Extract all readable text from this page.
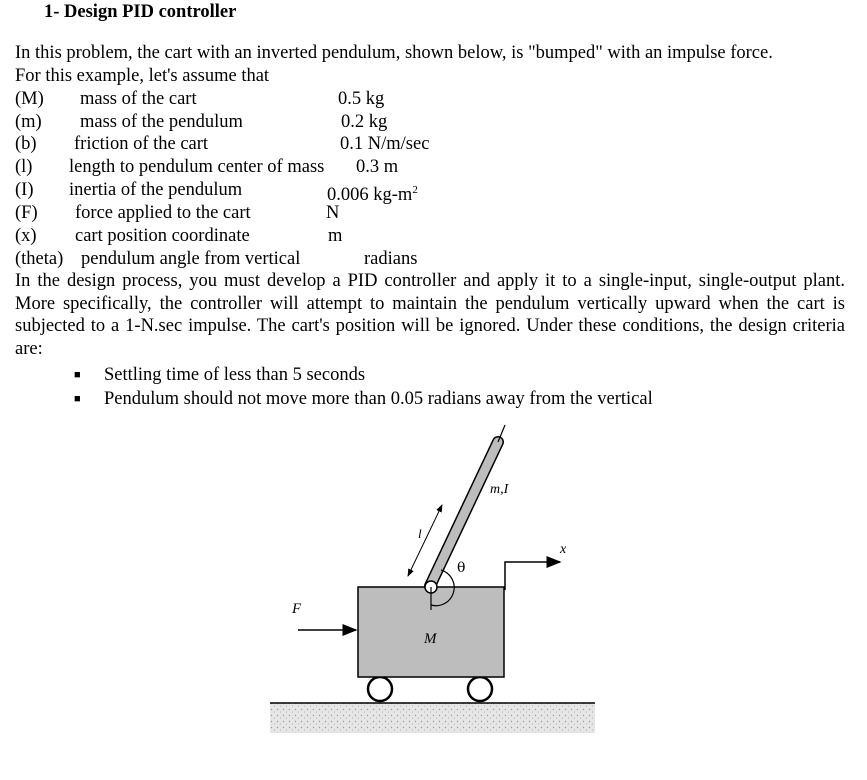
1- Design PID controller
In this problem, the cart with an inverted pendulum, shown below, is "bumped" with an impulse force.
For this example, let's assume that
(M) mass of the cart	0.5 kg
(m) mass of the pendulum	0.2 kg
(b) friction of the cart	0.1 N/m/sec
(l) length to pendulum center of mass 0.3 m
(I) inertia of the pendulum	0.006 $kg-m^2$
(F) force applied to the cart	N
(x) cart position coordinate	m
(theta) pendulum angle from vertical	radians
In the design process, you must develop a PID controller and apply it to a single-input, single-output plant. More specifically, the controller will attempt to maintain the pendulum vertically upward when the cart is subjected to a 1-N.sec impulse. The cart's position will be ignored. Under these conditions, the design criteria are:
■ Settling time of less than 5 seconds
■ Pendulum should not move more than 0.05 radians away from the vertical
F
M
m,I
x
l
θ
